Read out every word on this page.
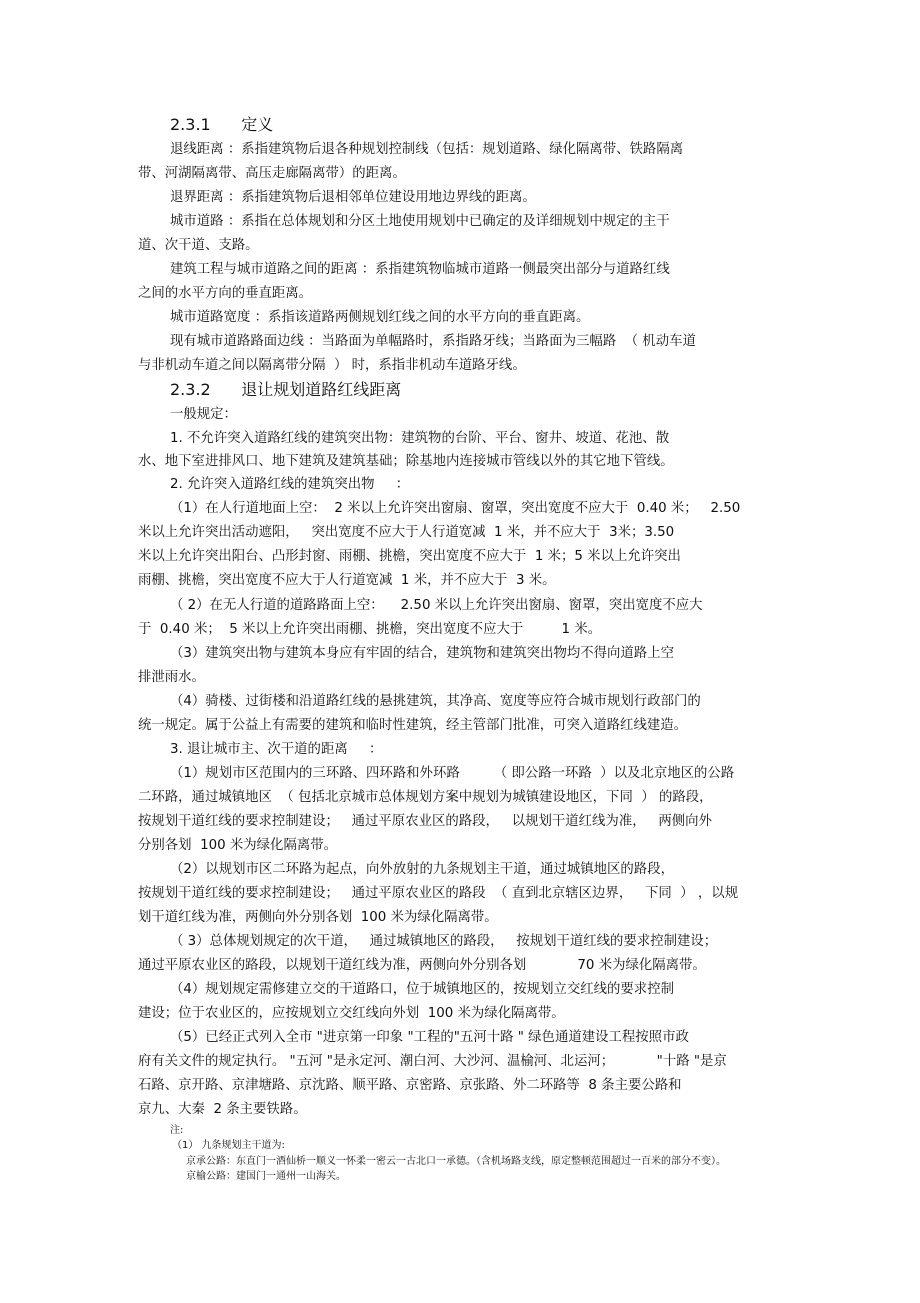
2.3.1      定义
退线距离 ：系指建筑物后退各种规划控制线（包括：规划道路、绿化隔离带、铁路隔离
带、河湖隔离带、高压走廊隔离带）的距离。
退界距离 ：系指建筑物后退相邻单位建设用地边界线的距离。
城市道路 ：系指在总体规划和分区土地使用规划中已确定的及详细规划中规定的主干
道、次干道、支路。
建筑工程与城市道路之间的距离 ：系指建筑物临城市道路一侧最突出部分与道路红线
之间的水平方向的垂直距离。
城市道路宽度 ：系指该道路两侧规划红线之间的水平方向的垂直距离。
现有城市道路路面边线 ：当路面为单幅路时，系指路牙线；当路面为三幅路  （ 机动车道
与非机动车道之间以隔离带分隔  ） 时，系指非机动车道路牙线。
2.3.2      退让规划道路红线距离
一般规定：
1. 不允许突入道路红线的建筑突出物：建筑物的台阶、平台、窗井、坡道、花池、散
水、地下室进排风口、地下建筑及建筑基础；除基地内连接城市管线以外的其它地下管线。
2. 允许突入道路红线的建筑突出物     ：
（1）在人行道地面上空：  2 米以上允许突出窗扇、窗罩，突出宽度不应大于  0.40 米；   2.50
米以上允许突出活动遮阳，   突出宽度不应大于人行道宽减  1 米，并不应大于  3米；3.50
米以上允许突出阳台、凸形封窗、雨棚、挑檐，突出宽度不应大于  1 米；5 米以上允许突出
雨棚、挑檐，突出宽度不应大于人行道宽减  1 米，并不应大于  3 米。
（ 2）在无人行道的道路路面上空：    2.50 米以上允许突出窗扇、窗罩，突出宽度不应大
于  0.40 米；  5 米以上允许突出雨棚、挑檐，突出宽度不应大于         1 米。
（3）建筑突出物与建筑本身应有牢固的结合，建筑物和建筑突出物均不得向道路上空
排泄雨水。
（4）骑楼、过街楼和沿道路红线的悬挑建筑，其净高、宽度等应符合城市规划行政部门的
统一规定。属于公益上有需要的建筑和临时性建筑，经主管部门批准，可突入道路红线建造。
3. 退让城市主、次干道的距离     ：
（1）规划市区范围内的三环路、四环路和外环路        （ 即公路一环路  ）以及北京地区的公路
二环路，通过城镇地区  （ 包括北京城市总体规划方案中规划为城镇建设地区，下同  ） 的路段，
按规划干道红线的要求控制建设；   通过平原农业区的路段，   以规划干道红线为准，   两侧向外
分别各划  100 米为绿化隔离带。
（2）以规划市区二环路为起点，向外放射的九条规划主干道，通过城镇地区的路段，
按规划干道红线的要求控制建设；   通过平原农业区的路段  （ 直到北京辖区边界，   下同  ） ，以规
划干道红线为准，两侧向外分别各划  100 米为绿化隔离带。
（ 3）总体规划规定的次干道，   通过城镇地区的路段，   按规划干道红线的要求控制建设；
通过平原农业区的路段，以规划干道红线为准，两侧向外分别各划            70 米为绿化隔离带。
（4）规划规定需修建立交的干道路口，位于城镇地区的，按规划立交红线的要求控制
建设；位于农业区的，应按规划立交红线向外划  100 米为绿化隔离带。
（5）已经正式列入全市 "进京第一印象 "工程的"五河十路 " 绿色通道建设工程按照市政
府有关文件的规定执行。 "五河 "是永定河、潮白河、大沙河、温榆河、北运河；          "十路 "是京
石路、京开路、京津塘路、京沈路、顺平路、京密路、京张路、外二环路等  8 条主要公路和
京九、大秦  2 条主要铁路。
注:
（1） 九条规划主干道为:
京承公路：东直门一酒仙桥一顺义一怀柔一密云一古北口一承德。（含机场路支线，原定整顿范围超过一百米的部分不变）。
京榆公路：建国门一通州一山海关。
